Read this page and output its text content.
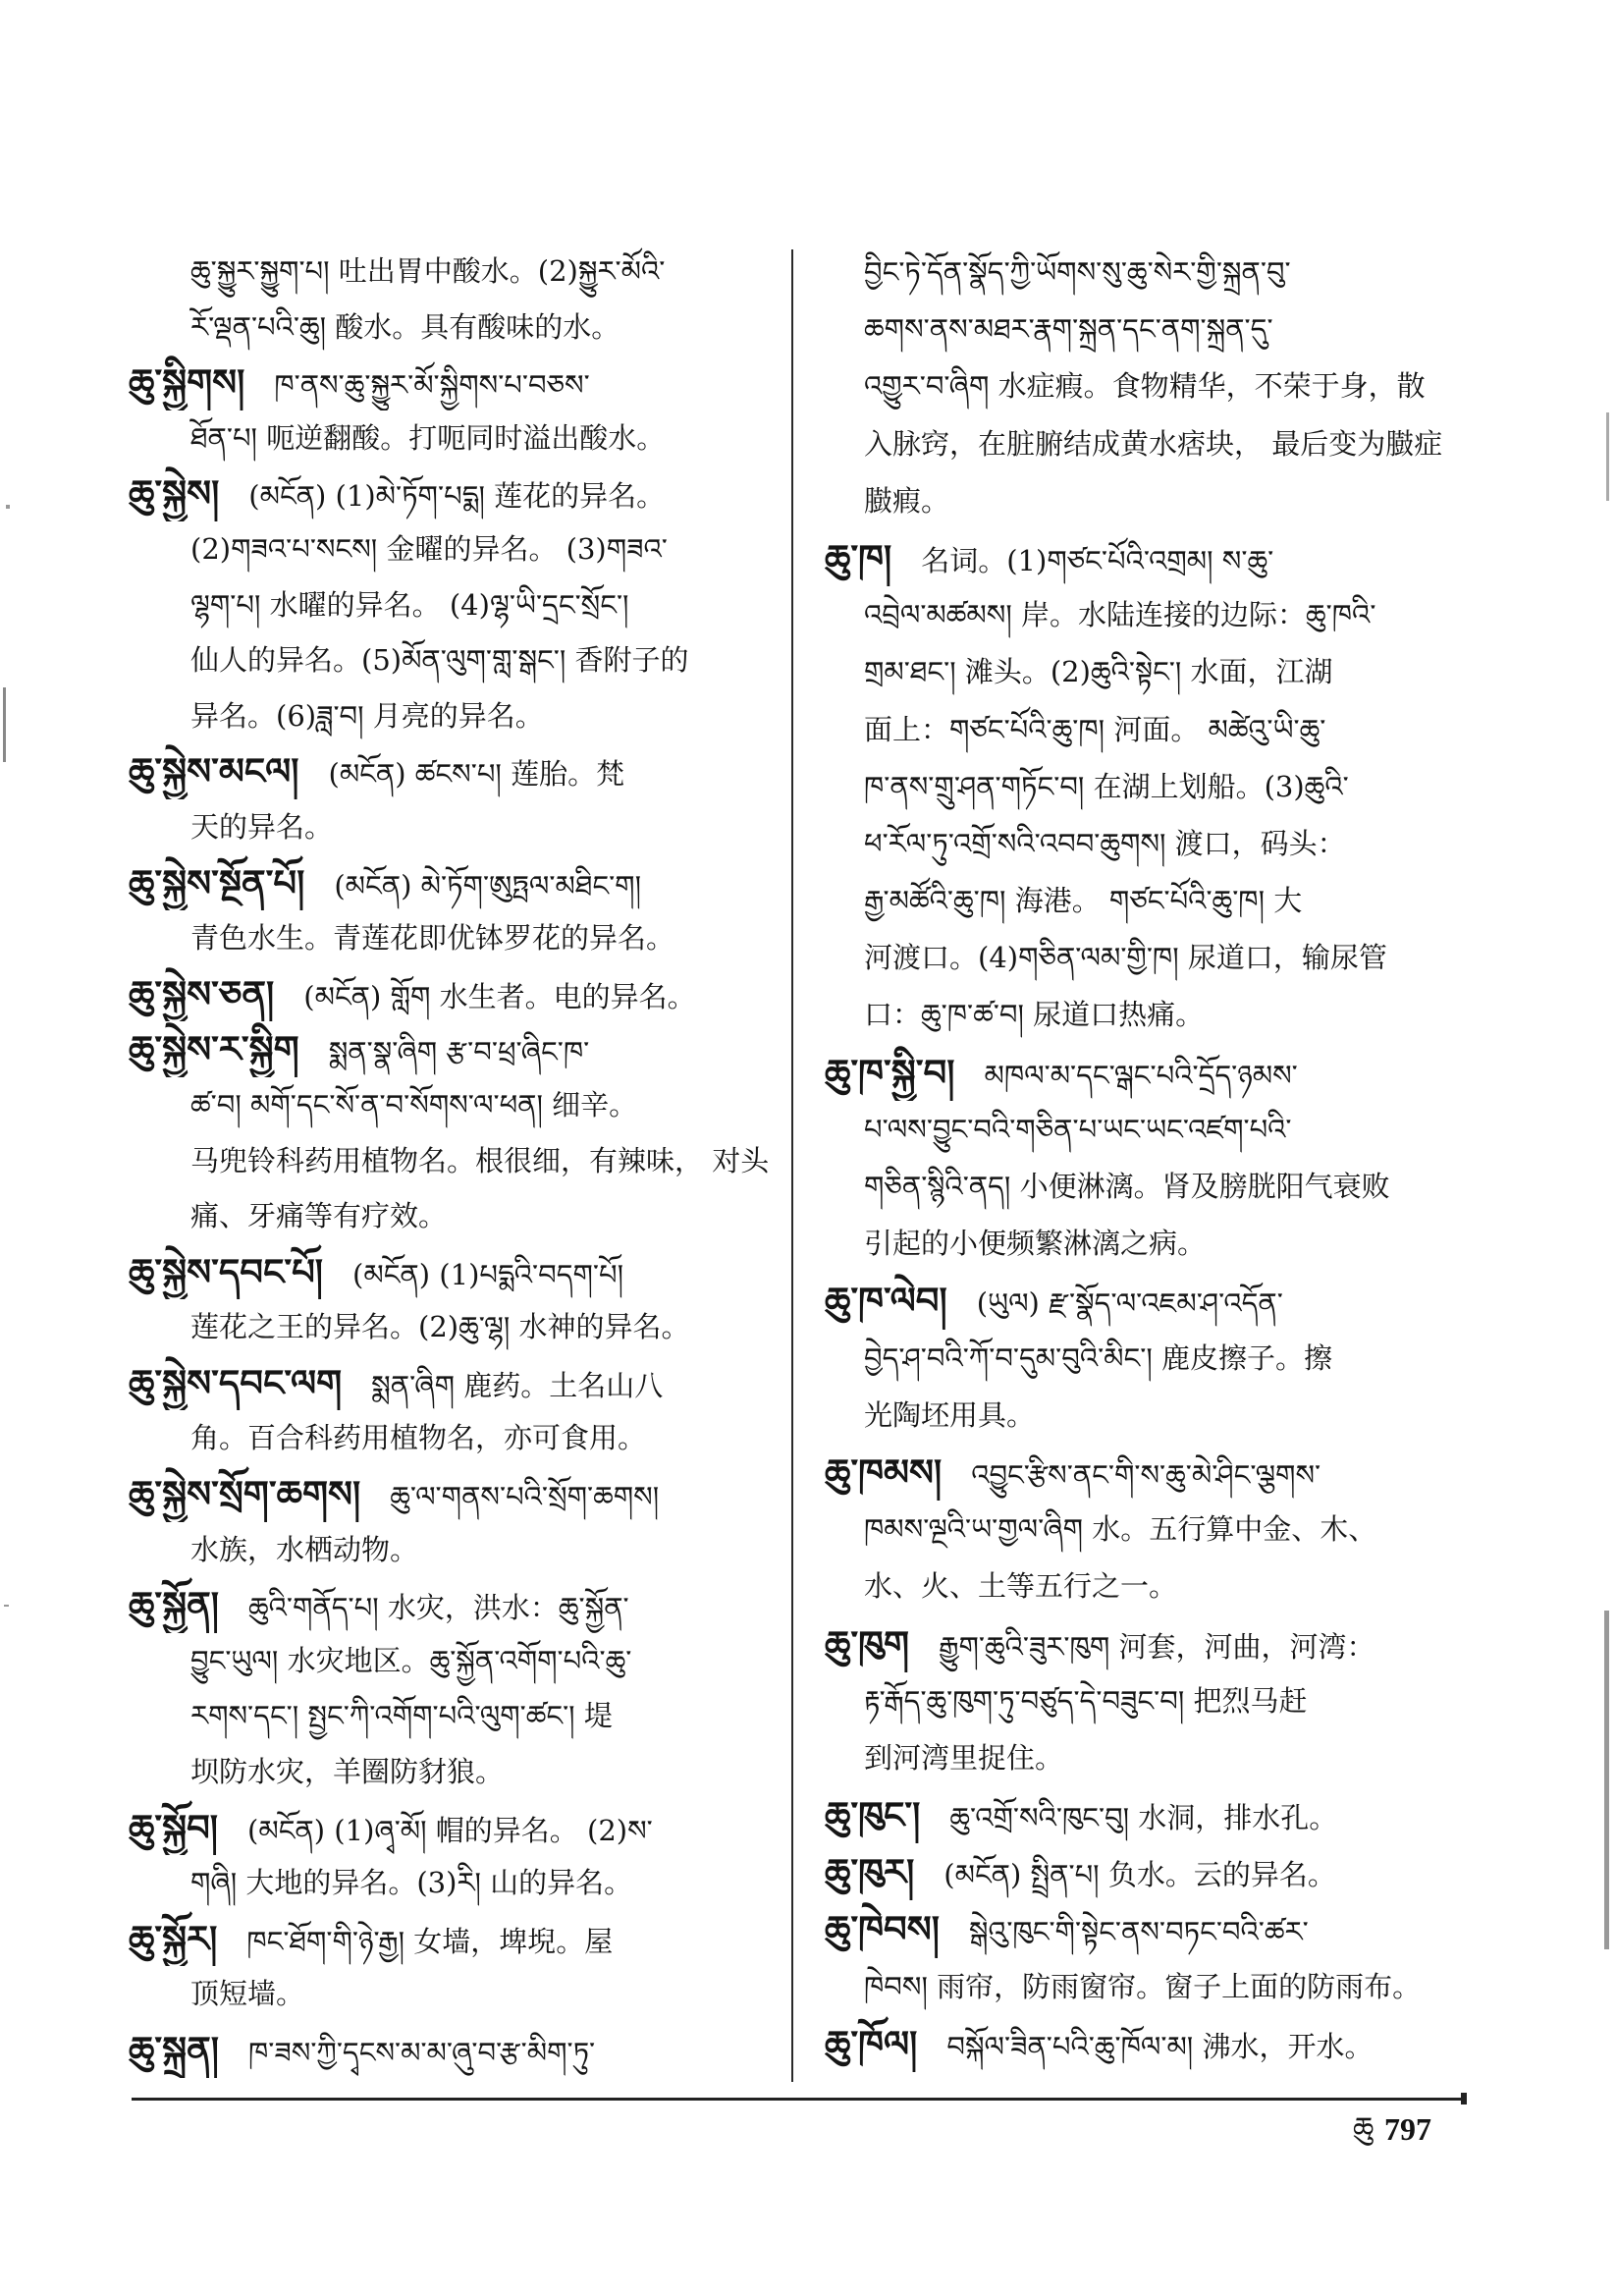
ཆུ་སྐྱུར་སྐྱུག་པ། 吐出胃中酸水。(2)སྐྱུར་མོའི་
རོ་ལྡན་པའི་ཆུ། 酸水。具有酸味的水。
ཆུ་སྐྱིགས། ཁ་ནས་ཆུ་སྐྱུར་མོ་སྐྱིགས་པ་བཅས་
ཐོན་པ། 呃逆翻酸。打呃同时溢出酸水。
ཆུ་སྐྱེས། (མངོན) (1)མེ་ཏོག་པདྨ། 莲花的异名。
(2)གཟའ་པ་སངས། 金曜的异名。 (3)གཟའ་
ལྷག་པ། 水曜的异名。 (4)ལྷ་ཡི་དྲང་སྲོང་།
仙人的异名。(5)མོན་ལུག་གླ་སྒང་། 香附子的
异名。(6)ཟླ་བ། 月亮的异名。
ཆུ་སྐྱེས་མངལ། (མངོན) ཚངས་པ། 莲胎。梵
天的异名。
ཆུ་སྐྱེས་སྔོན་པོ། (མངོན) མེ་ཏོག་ཨུཏྤལ་མཐིང་ག།
青色水生。青莲花即优钵罗花的异名。
ཆུ་སྐྱེས་ཅན། (མངོན) གློག 水生者。电的异名。
ཆུ་སྐྱེས་ར་སྐྱིག སྨན་སྣ་ཞིག རྩ་བ་ཕྲ་ཞིང་ཁ་
ཚ་བ། མགོ་དང་སོ་ན་བ་སོགས་ལ་ཕན། 细辛。
马兜铃科药用植物名。根很细，有辣味， 对头
痛、牙痛等有疗效。
ཆུ་སྐྱེས་དབང་པོ། (མངོན) (1)པདྨའི་བདག་པོ།
莲花之王的异名。(2)ཆུ་ལྷ། 水神的异名。
ཆུ་སྐྱེས་དབང་ལག སྨན་ཞིག 鹿药。土名山八
角。百合科药用植物名，亦可食用。
ཆུ་སྐྱེས་སྲོག་ཆགས། ཆུ་ལ་གནས་པའི་སྲོག་ཆགས།
水族，水栖动物。
ཆུ་སྐྱོན། ཆུའི་གནོད་པ། 水灾，洪水：ཆུ་སྐྱོན་
བྱུང་ཡུལ། 水灾地区。ཆུ་སྐྱོན་འགོག་པའི་ཆུ་
རགས་དང་། སྤྱང་ཀི་འགོག་པའི་ལུག་ཚང་། 堤
坝防水灾，羊圈防豺狼。
ཆུ་སྐྱོབ། (མངོན) (1)ཞྭ་མོ། 帽的异名。 (2)ས་
གཞི། 大地的异名。(3)རི། 山的异名。
ཆུ་སྐྱོར། ཁང་ཐོག་གི་ཉེ་རྒྱ། 女墙，埤堄。屋
顶短墙。
ཆུ་སྐྲན། ཁ་ཟས་ཀྱི་དྭངས་མ་མ་ཞུ་བ་རྩ་མིག་ཏུ་
བྱིང་ཏེ་དོན་སྣོད་ཀྱི་ཡོགས་སུ་ཆུ་སེར་གྱི་སྐྲན་བུ་
ཆགས་ནས་མཐར་རྣག་སྐྲན་དང་ནག་སྐྲན་དུ་
འགྱུར་བ་ཞིག 水症瘕。食物精华，不荣于身，散
入脉窍，在脏腑结成黄水痞块， 最后变为臌症
臌瘕。
ཆུ་ཁ། 名词。(1)གཙང་པོའི་འགྲམ། ས་ཆུ་
འབྲེལ་མཚམས། 岸。水陆连接的边际：ཆུ་ཁའི་
གྲམ་ཐང་། 滩头。(2)ཆུའི་སྟེང་། 水面，江湖
面上：གཙང་པོའི་ཆུ་ཁ། 河面。 མཚེའུ་ཡི་ཆུ་
ཁ་ནས་གྲུ་ཤན་གཏོང་བ། 在湖上划船。(3)ཆུའི་
ཕ་རོལ་ཏུ་འགྲོ་སའི་འབབ་ཆུགས། 渡口，码头：
རྒྱ་མཚོའི་ཆུ་ཁ། 海港。 གཙང་པོའི་ཆུ་ཁ། 大
河渡口。(4)གཅིན་ལམ་གྱི་ཁ། 尿道口，输尿管
口：ཆུ་ཁ་ཚ་བ། 尿道口热痛。
ཆུ་ཁ་སྐྱི་བ། མཁལ་མ་དང་ལྒང་པའི་དྲོད་ཉམས་
པ་ལས་བྱུང་བའི་གཅིན་པ་ཡང་ཡང་འཛག་པའི་
གཅིན་སྙིའི་ནད། 小便淋漓。肾及膀胱阳气衰败
引起的小便频繁淋漓之病。
ཆུ་ཁ་ལེབ། (ཡུལ) རྫ་སྣོད་ལ་འཇམ་ཤ་འདོན་
བྱེད་ཤ་བའི་ཀོ་བ་དུམ་བུའི་མིང་། 鹿皮擦子。擦
光陶坯用具。
ཆུ་ཁམས། འབྱུང་རྩིས་ནང་གི་ས་ཆུ་མེ་ཤིང་ལྕགས་
ཁམས་ལྔའི་ཡ་གྱལ་ཞིག 水。五行算中金、木、
水、火、土等五行之一。
ཆུ་ཁུག རྒྱུག་ཆུའི་ཟུར་ཁུག 河套，河曲，河湾：
རྟ་རྒོད་ཆུ་ཁུག་ཏུ་བཙུད་དེ་བཟུང་བ། 把烈马赶
到河湾里捉住。
ཆུ་ཁུང་། ཆུ་འགྲོ་སའི་ཁུང་བུ། 水洞，排水孔。
ཆུ་ཁུར། (མངོན) སྤྲིན་པ། 负水。云的异名。
ཆུ་ཁེབས། སྒེའུ་ཁུང་གི་སྟེང་ནས་བཏང་བའི་ཚར་
ཁེབས། 雨帘，防雨窗帘。窗子上面的防雨布。
ཆུ་ཁོལ། བསྐོལ་ཟིན་པའི་ཆུ་ཁོལ་མ། 沸水，开水。
ཆུ 797
